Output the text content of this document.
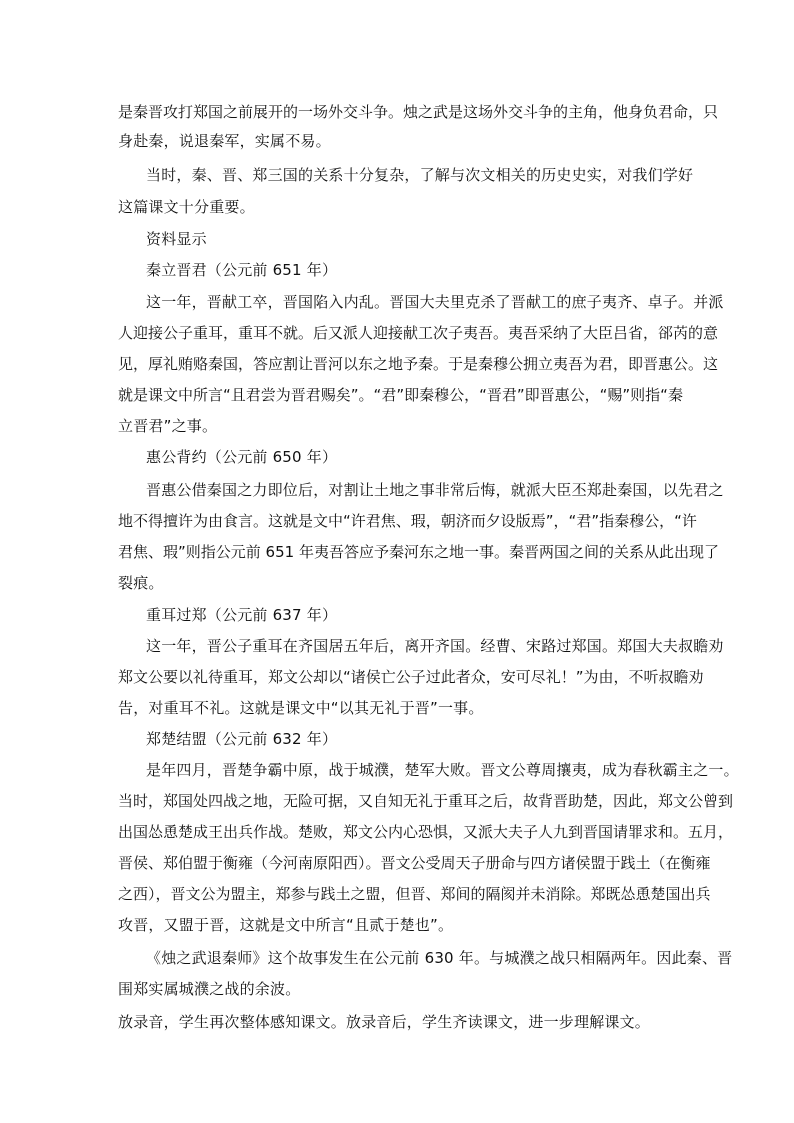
是秦晋攻打郑国之前展开的一场外交斗争。烛之武是这场外交斗争的主角，他身负君命，只
身赴秦，说退秦军，实属不易。
当时，秦、晋、郑三国的关系十分复杂，了解与次文相关的历史史实，对我们学好
这篇课文十分重要。
资料显示
秦立晋君（公元前 651 年）
这一年，晋献工卒，晋国陷入内乱。晋国大夫里克杀了晋献工的庶子夷齐、卓子。并派
人迎接公子重耳，重耳不就。后又派人迎接献工次子夷吾。夷吾采纳了大臣吕省，郤芮的意
见，厚礼贿赂秦国，答应割让晋河以东之地予秦。于是秦穆公拥立夷吾为君，即晋惠公。这
就是课文中所言“且君尝为晋君赐矣”。“君”即秦穆公，“晋君”即晋惠公，“赐”则指“秦
立晋君”之事。
惠公背约（公元前 650 年）
晋惠公借秦国之力即位后，对割让土地之事非常后悔，就派大臣丕郑赴秦国，以先君之
地不得擅许为由食言。这就是文中“许君焦、瑕，朝济而夕设版焉”，“君”指秦穆公，“许
君焦、瑕”则指公元前 651 年夷吾答应予秦河东之地一事。秦晋两国之间的关系从此出现了
裂痕。
重耳过郑（公元前 637 年）
这一年，晋公子重耳在齐国居五年后，离开齐国。经曹、宋路过郑国。郑国大夫叔瞻劝
郑文公要以礼待重耳，郑文公却以“诸侯亡公子过此者众，安可尽礼！”为由，不听叔瞻劝
告，对重耳不礼。这就是课文中“以其无礼于晋”一事。
郑楚结盟（公元前 632 年）
是年四月，晋楚争霸中原，战于城濮，楚军大败。晋文公尊周攘夷，成为春秋霸主之一。
当时，郑国处四战之地，无险可据，又自知无礼于重耳之后，故背晋助楚，因此，郑文公曾到
出国怂恿楚成王出兵作战。楚败，郑文公内心恐惧，又派大夫子人九到晋国请罪求和。五月，
晋侯、郑伯盟于衡雍（今河南原阳西）。晋文公受周天子册命与四方诸侯盟于践土（在衡雍
之西），晋文公为盟主，郑参与践土之盟，但晋、郑间的隔阂并未消除。郑既怂恿楚国出兵
攻晋，又盟于晋，这就是文中所言“且贰于楚也”。
《烛之武退秦师》这个故事发生在公元前 630 年。与城濮之战只相隔两年。因此秦、晋
围郑实属城濮之战的余波。
放录音，学生再次整体感知课文。放录音后，学生齐读课文，进一步理解课文。
